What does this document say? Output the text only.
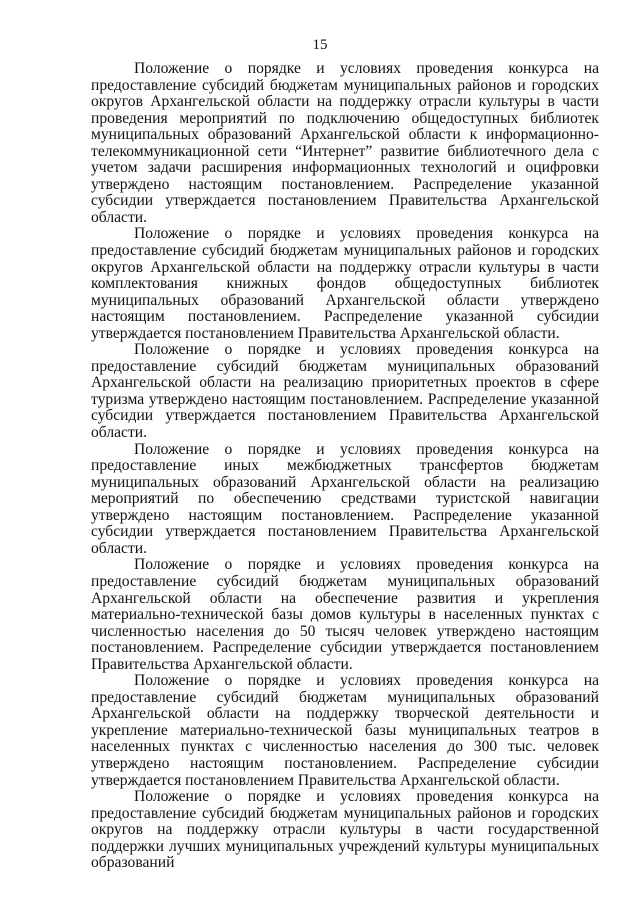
15

Положение о порядке и условиях проведения конкурса на предоставление субсидий бюджетам муниципальных районов и городских округов Архангельской области на поддержку отрасли культуры в части проведения мероприятий по подключению общедоступных библиотек муниципальных образований Архангельской области к информационно-телекоммуникационной сети “Интернет” развитие библиотечного дела с учетом задачи расширения информационных технологий и оцифровки утверждено настоящим постановлением. Распределение указанной субсидии утверждается постановлением Правительства Архангельской области.

Положение о порядке и условиях проведения конкурса на предоставление субсидий бюджетам муниципальных районов и городских округов Архангельской области на поддержку отрасли культуры в части комплектования книжных фондов общедоступных библиотек муниципальных образований Архангельской области утверждено настоящим постановлением. Распределение указанной субсидии утверждается постановлением Правительства Архангельской области.

Положение о порядке и условиях проведения конкурса на предоставление субсидий бюджетам муниципальных образований Архангельской области на реализацию приоритетных проектов в сфере туризма утверждено настоящим постановлением. Распределение указанной субсидии утверждается постановлением Правительства Архангельской области.

Положение о порядке и условиях проведения конкурса на предоставление иных межбюджетных трансфертов бюджетам муниципальных образований Архангельской области на реализацию мероприятий по обеспечению средствами туристской навигации утверждено настоящим постановлением. Распределение указанной субсидии утверждается постановлением Правительства Архангельской области.

Положение о порядке и условиях проведения конкурса на предоставление субсидий бюджетам муниципальных образований Архангельской области на обеспечение развития и укрепления материально-технической базы домов культуры в населенных пунктах с численностью населения до 50 тысяч человек утверждено настоящим постановлением. Распределение субсидии утверждается постановлением Правительства Архангельской области.

Положение о порядке и условиях проведения конкурса на предоставление субсидий бюджетам муниципальных образований Архангельской области на поддержку творческой деятельности и укрепление материально-технической базы муниципальных театров в населенных пунктах с численностью населения до 300 тыс. человек утверждено настоящим постановлением. Распределение субсидии утверждается постановлением Правительства Архангельской области.

Положение о порядке и условиях проведения конкурса на предоставление субсидий бюджетам муниципальных районов и городских округов на поддержку отрасли культуры в части государственной поддержки лучших муниципальных учреждений культуры муниципальных образований
